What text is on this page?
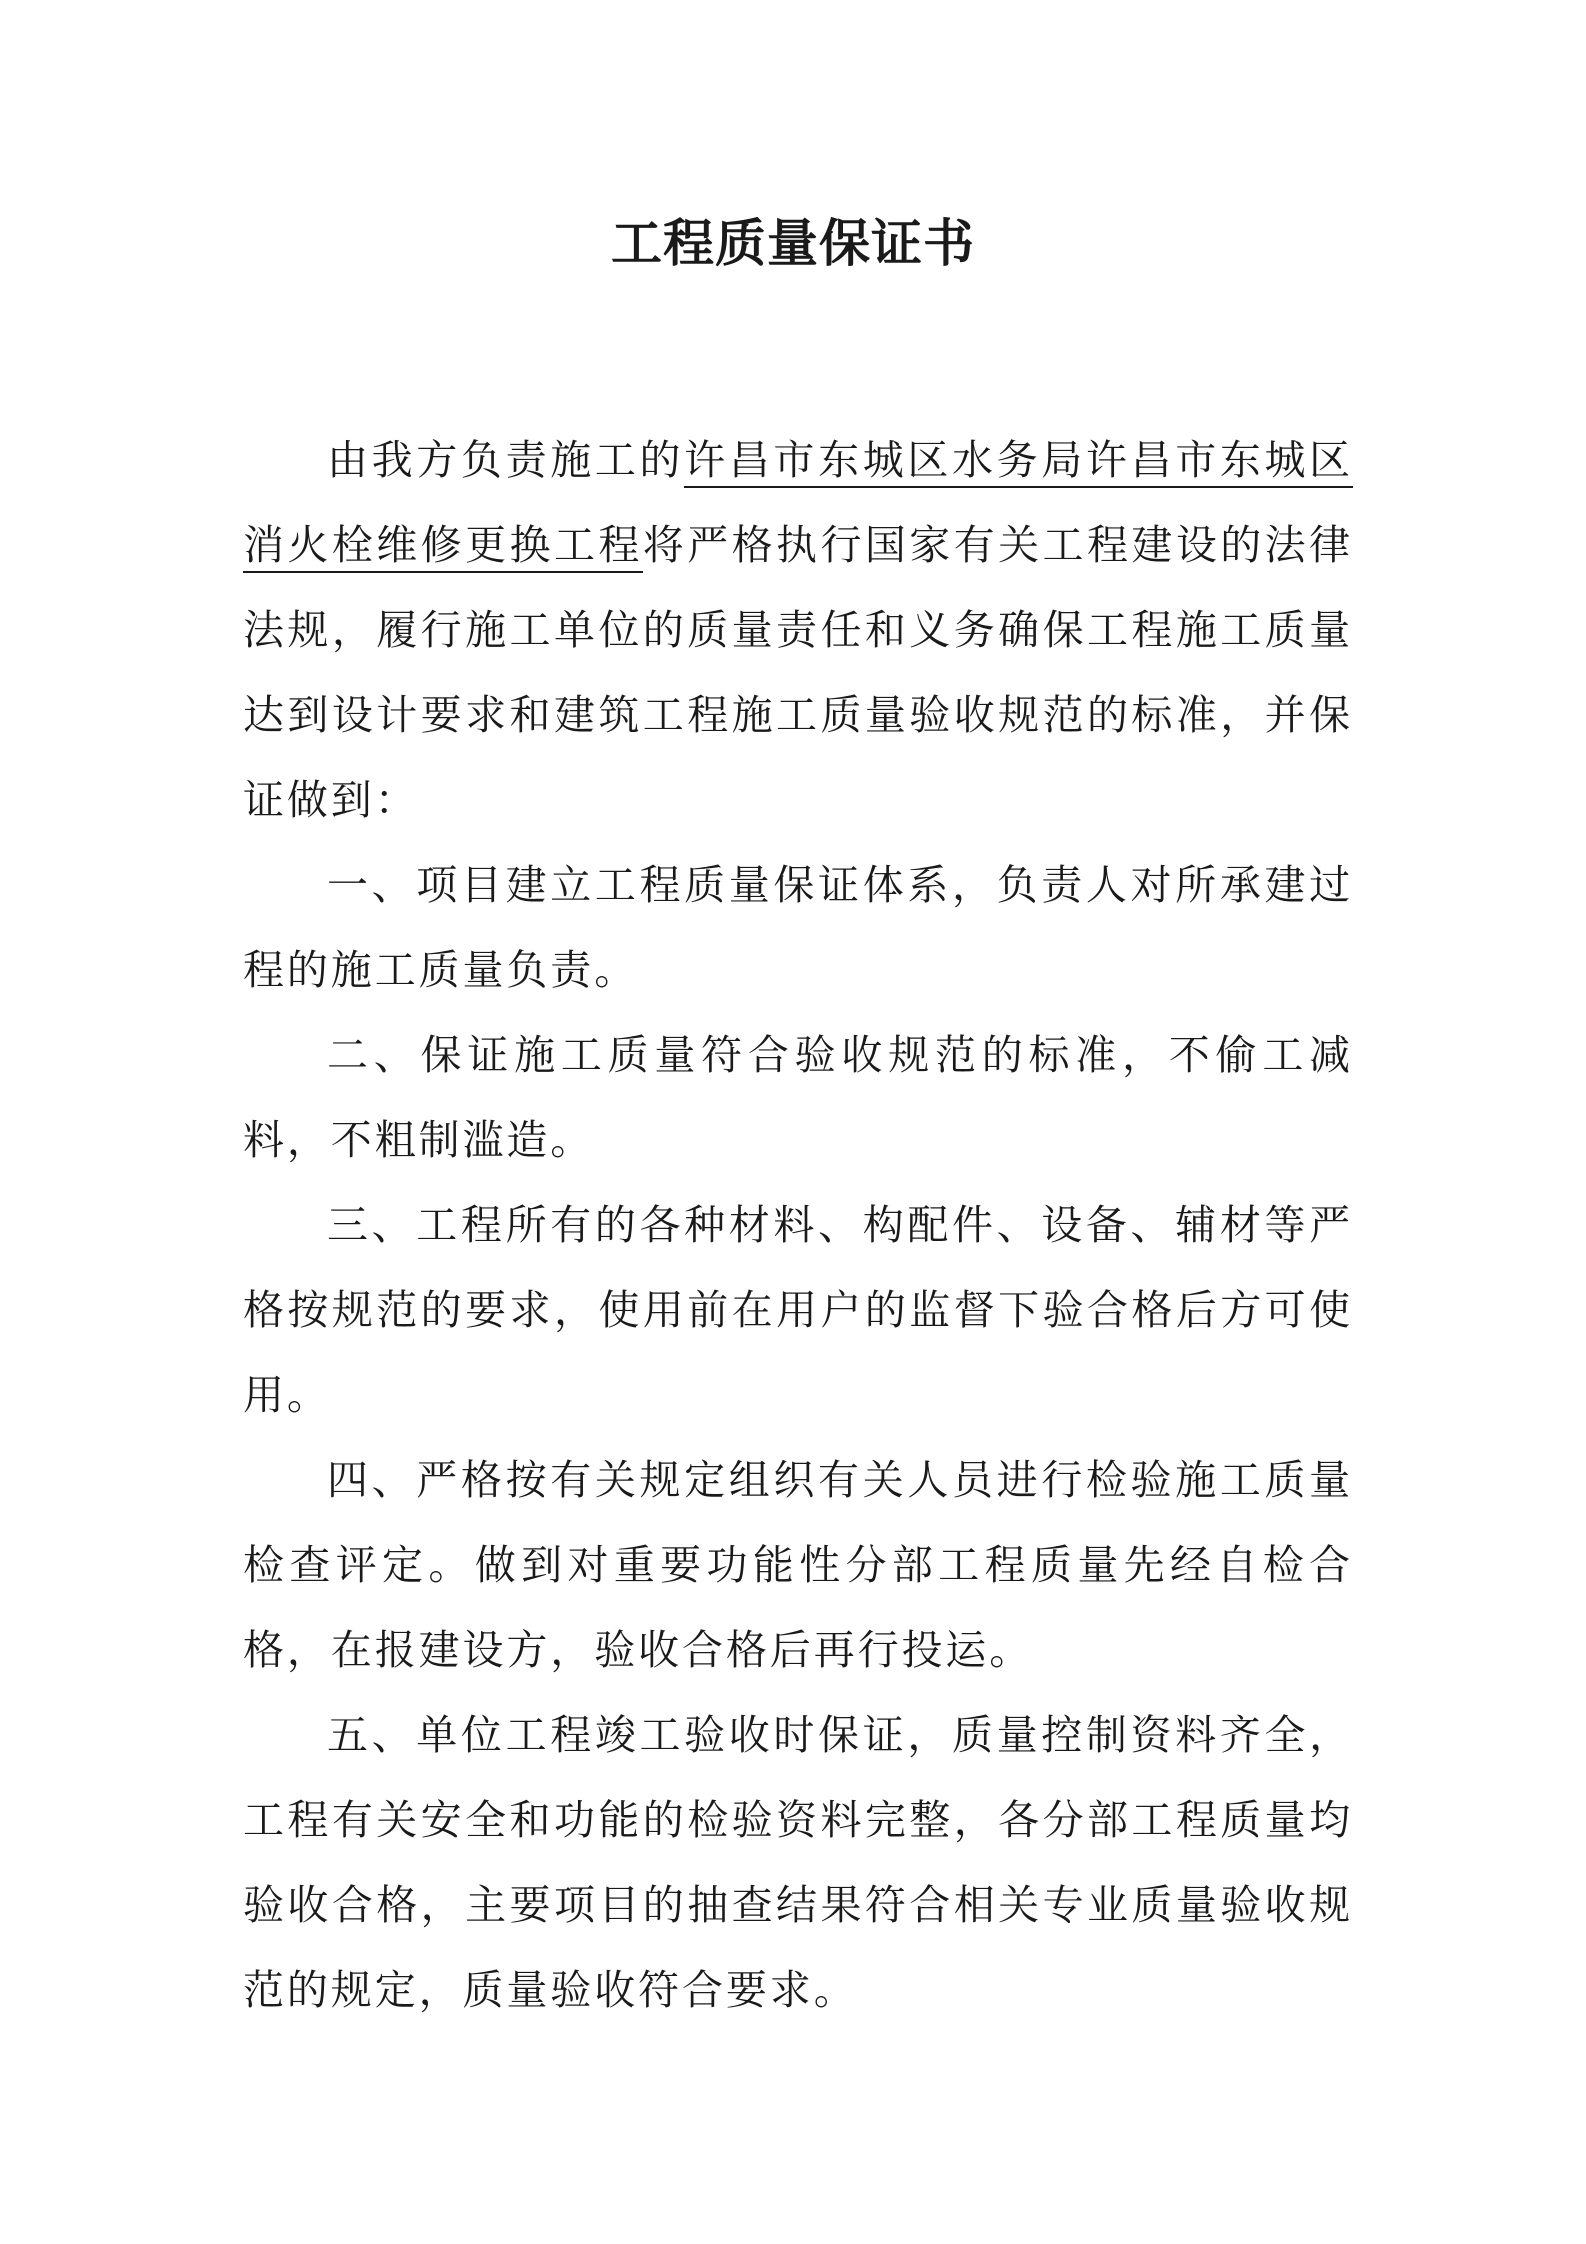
工程质量保证书

由我方负责施工的许昌市东城区水务局许昌市东城区消火栓维修更换工程将严格执行国家有关工程建设的法律法规，履行施工单位的质量责任和义务确保工程施工质量达到设计要求和建筑工程施工质量验收规范的标准，并保证做到：

一、项目建立工程质量保证体系，负责人对所承建过程的施工质量负责。

二、保证施工质量符合验收规范的标准，不偷工减料，不粗制滥造。

三、工程所有的各种材料、构配件、设备、辅材等严格按规范的要求，使用前在用户的监督下验合格后方可使用。

四、严格按有关规定组织有关人员进行检验施工质量检查评定。做到对重要功能性分部工程质量先经自检合格，在报建设方，验收合格后再行投运。

五、单位工程竣工验收时保证，质量控制资料齐全，工程有关安全和功能的检验资料完整，各分部工程质量均验收合格，主要项目的抽查结果符合相关专业质量验收规范的规定，质量验收符合要求。
